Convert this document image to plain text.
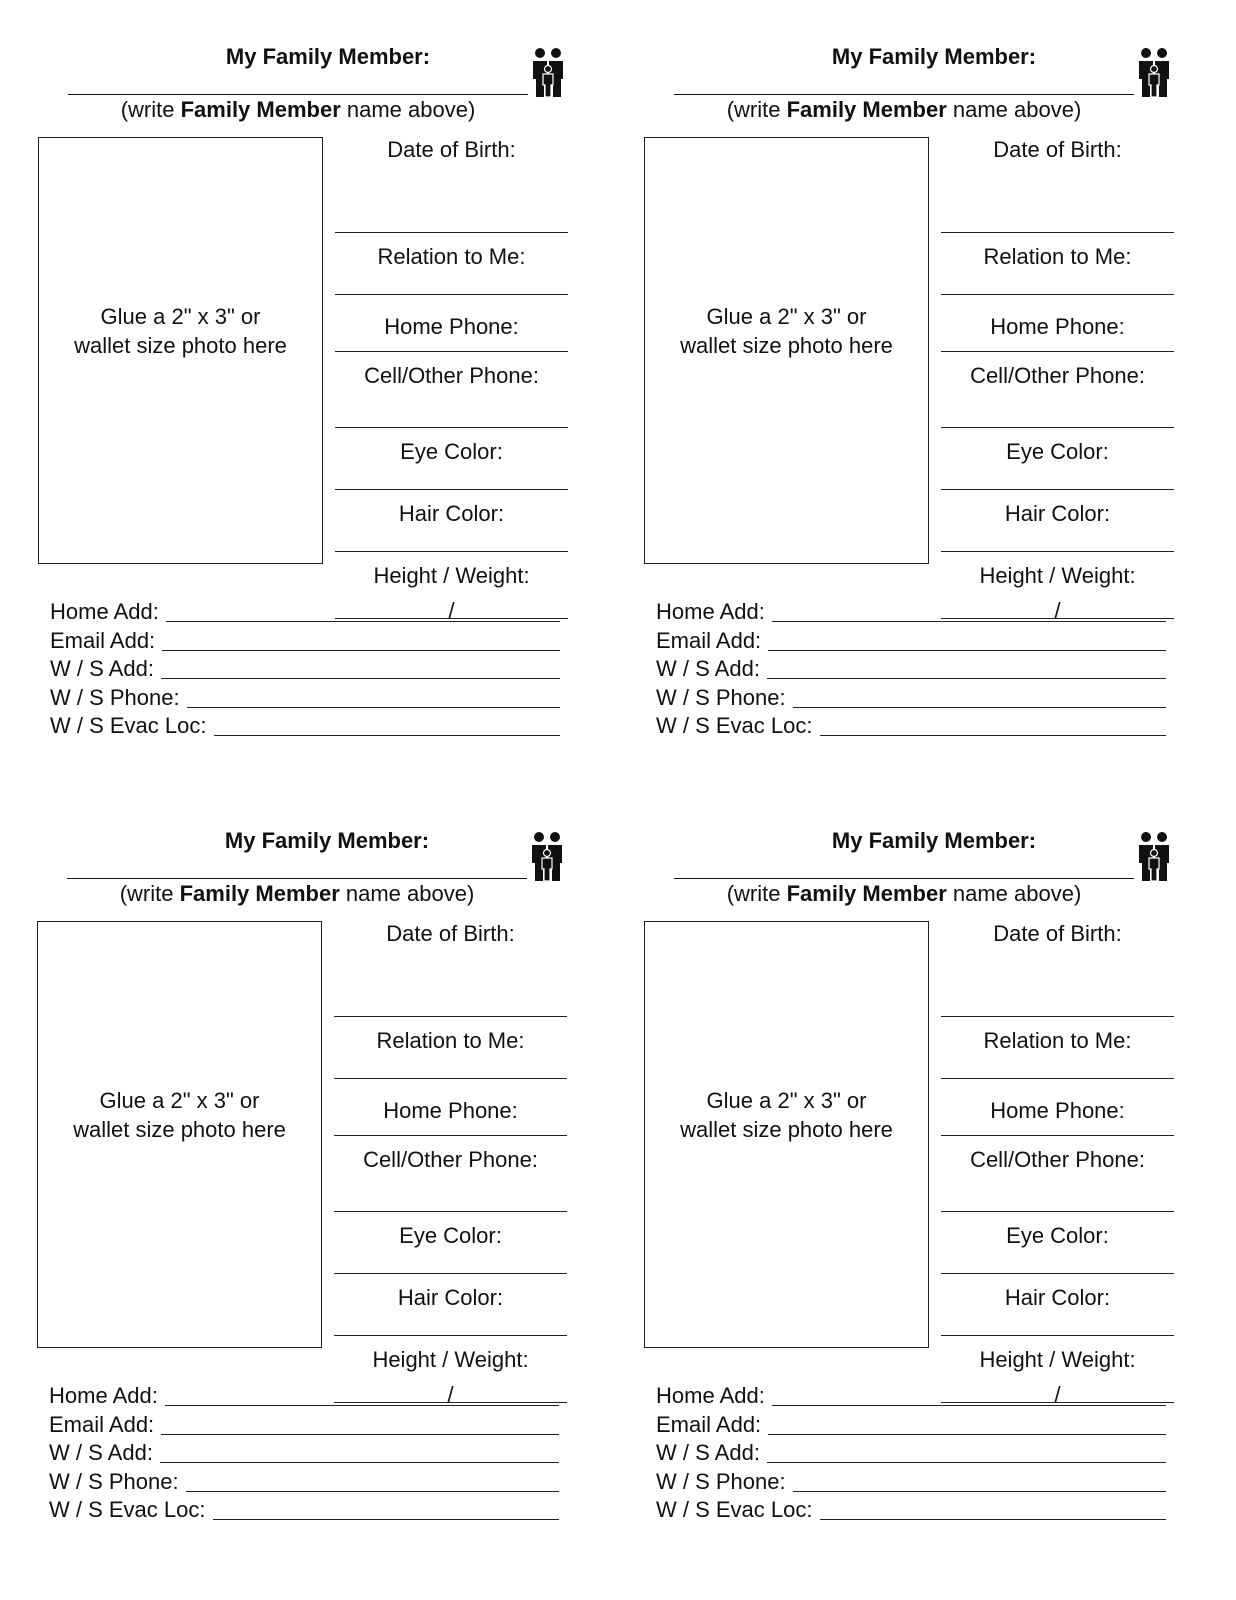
My Family Member:
(write Family Member name above)
Glue a 2" x 3" or wallet size photo here
Date of Birth:
Relation to Me:
Home Phone:
Cell/Other Phone:
Eye Color:
Hair Color:
Height / Weight:
/
Home Add:
Email Add:
W / S Add:
W / S Phone:
W / S Evac Loc:
My Family Member:
(write Family Member name above)
Glue a 2" x 3" or wallet size photo here
Date of Birth:
Relation to Me:
Home Phone:
Cell/Other Phone:
Eye Color:
Hair Color:
Height / Weight:
/
Home Add:
Email Add:
W / S Add:
W / S Phone:
W / S Evac Loc:
My Family Member:
(write Family Member name above)
Glue a 2" x 3" or wallet size photo here
Date of Birth:
Relation to Me:
Home Phone:
Cell/Other Phone:
Eye Color:
Hair Color:
Height / Weight:
/
Home Add:
Email Add:
W / S Add:
W / S Phone:
W / S Evac Loc:
My Family Member:
(write Family Member name above)
Glue a 2" x 3" or wallet size photo here
Date of Birth:
Relation to Me:
Home Phone:
Cell/Other Phone:
Eye Color:
Hair Color:
Height / Weight:
/
Home Add:
Email Add:
W / S Add:
W / S Phone:
W / S Evac Loc:
